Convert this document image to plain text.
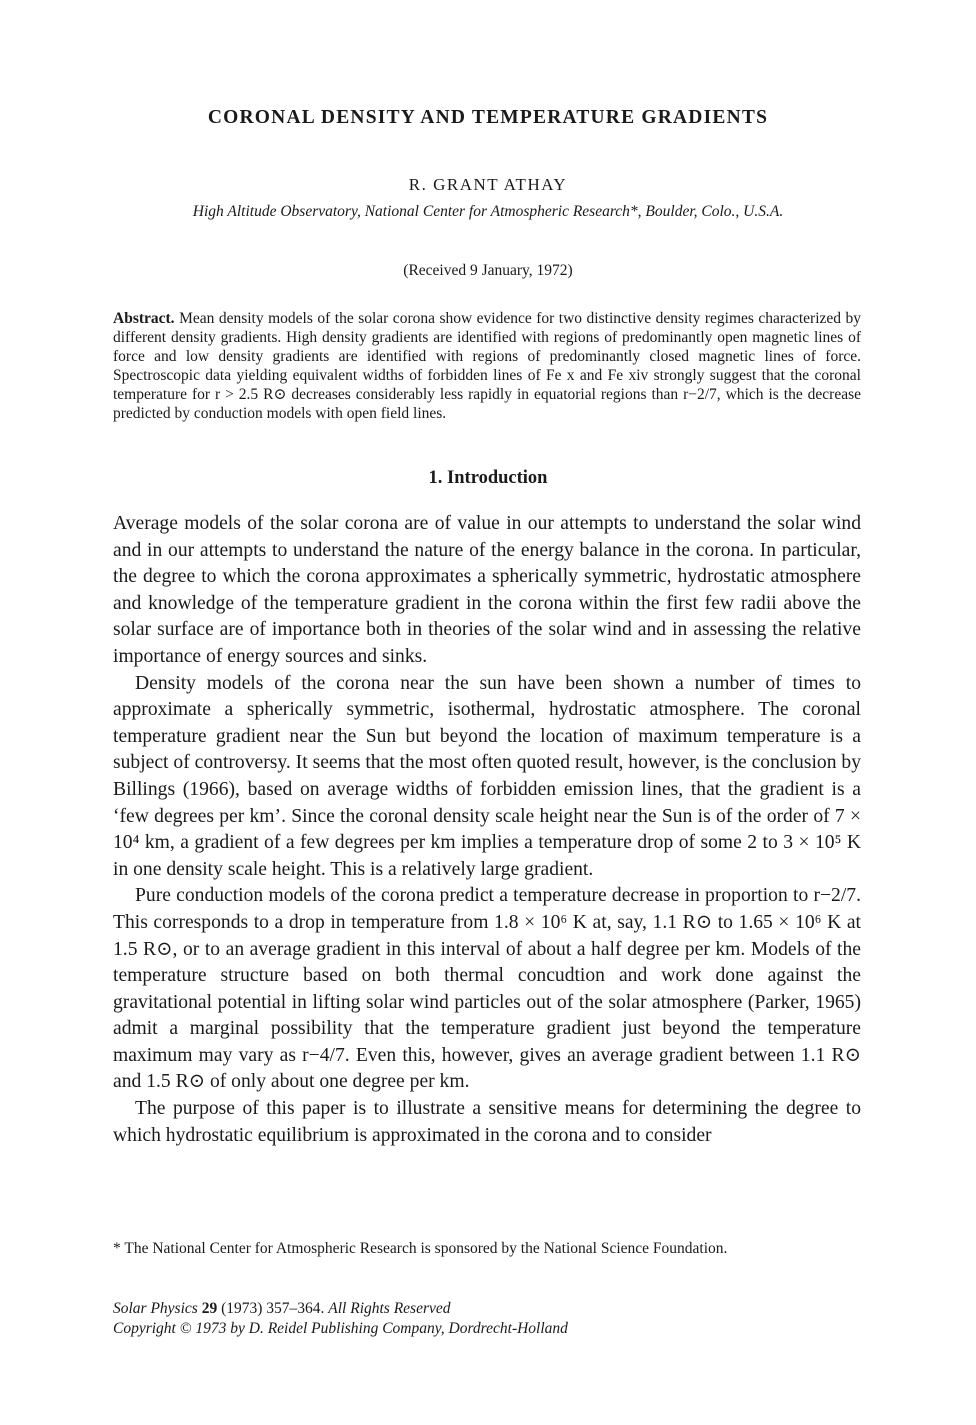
CORONAL DENSITY AND TEMPERATURE GRADIENTS
R. GRANT ATHAY
High Altitude Observatory, National Center for Atmospheric Research*, Boulder, Colo., U.S.A.
(Received 9 January, 1972)
Abstract. Mean density models of the solar corona show evidence for two distinctive density regimes characterized by different density gradients. High density gradients are identified with regions of predominantly open magnetic lines of force and low density gradients are identified with regions of predominantly closed magnetic lines of force. Spectroscopic data yielding equivalent widths of forbidden lines of Fe x and Fe xiv strongly suggest that the coronal temperature for r > 2.5 R⊙ decreases considerably less rapidly in equatorial regions than r−2/7, which is the decrease predicted by conduction models with open field lines.
1. Introduction

Average models of the solar corona are of value in our attempts to understand the solar wind and in our attempts to understand the nature of the energy balance in the corona. In particular, the degree to which the corona approximates a spherically symmetric, hydrostatic atmosphere and knowledge of the temperature gradient in the corona within the first few radii above the solar surface are of importance both in theories of the solar wind and in assessing the relative importance of energy sources and sinks.

Density models of the corona near the sun have been shown a number of times to approximate a spherically symmetric, isothermal, hydrostatic atmosphere. The coronal temperature gradient near the Sun but beyond the location of maximum temperature is a subject of controversy. It seems that the most often quoted result, however, is the conclusion by Billings (1966), based on average widths of forbidden emission lines, that the gradient is a ‘few degrees per km’. Since the coronal density scale height near the Sun is of the order of 7 × 10⁴ km, a gradient of a few degrees per km implies a temperature drop of some 2 to 3 × 10⁵ K in one density scale height. This is a relatively large gradient.

Pure conduction models of the corona predict a temperature decrease in proportion to r−2/7. This corresponds to a drop in temperature from 1.8 × 10⁶ K at, say, 1.1 R⊙ to 1.65 × 10⁶ K at 1.5 R⊙, or to an average gradient in this interval of about a half degree per km. Models of the temperature structure based on both thermal concudtion and work done against the gravitational potential in lifting solar wind particles out of the solar atmosphere (Parker, 1965) admit a marginal possibility that the temperature gradient just beyond the temperature maximum may vary as r−4/7. Even this, however, gives an average gradient between 1.1 R⊙ and 1.5 R⊙ of only about one degree per km.

The purpose of this paper is to illustrate a sensitive means for determining the degree to which hydrostatic equilibrium is approximated in the corona and to consider

* The National Center for Atmospheric Research is sponsored by the National Science Foundation.
Solar Physics 29 (1973) 357–364. All Rights Reserved
Copyright © 1973 by D. Reidel Publishing Company, Dordrecht-Holland
